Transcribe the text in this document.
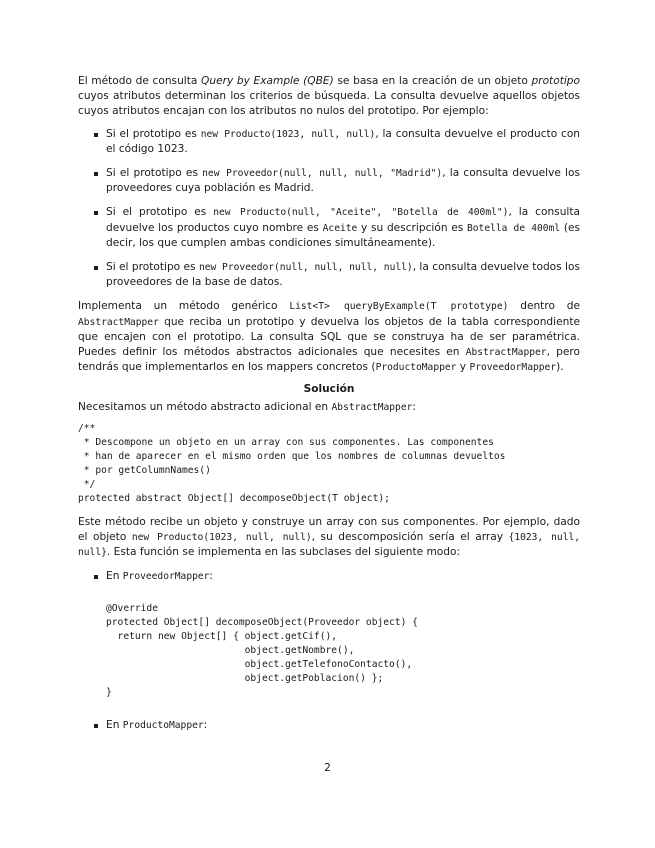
El método de consulta Query by Example (QBE) se basa en la creación de un objeto prototipo cuyos atributos determinan los criterios de búsqueda. La consulta devuelve aquellos objetos cuyos atributos encajan con los atributos no nulos del prototipo. Por ejemplo:

Si el prototipo es new Producto(1023, null, null), la consulta devuelve el producto con el código 1023.
Si el prototipo es new Proveedor(null, null, null, "Madrid"), la consulta devuelve los proveedores cuya población es Madrid.
Si el prototipo es new Producto(null, "Aceite", "Botella de 400ml"), la consulta devuelve los productos cuyo nombre es Aceite y su descripción es Botella de 400ml (es decir, los que cumplen ambas condiciones simultáneamente).
Si el prototipo es new Proveedor(null, null, null, null), la consulta devuelve todos los proveedores de la base de datos.

Implementa un método genérico List<T> queryByExample(T prototype) dentro de AbstractMapper que reciba un prototipo y devuelva los objetos de la tabla correspondiente que encajen con el prototipo. La consulta SQL que se construya ha de ser paramétrica. Puedes definir los métodos abstractos adicionales que necesites en AbstractMapper, pero tendrás que implementarlos en los mappers concretos (ProductoMapper y ProveedorMapper).

Solución

Necesitamos un método abstracto adicional en AbstractMapper:

/**
* Descompone un objeto en un array con sus componentes. Las componentes
* han de aparecer en el mismo orden que los nombres de columnas devueltos
* por getColumnNames()
*/
protected abstract Object[] decomposeObject(T object);

Este método recibe un objeto y construye un array con sus componentes. Por ejemplo, dado el objeto new Producto(1023, null, null), su descomposición sería el array {1023, null, null}. Esta función se implementa en las subclases del siguiente modo:

En ProveedorMapper:
@Override
protected Object[] decomposeObject(Proveedor object) {
return new Object[] { object.getCif(),
object.getNombre(),
object.getTelefonoContacto(),
object.getPoblacion() };
}
En ProductoMapper:
2
